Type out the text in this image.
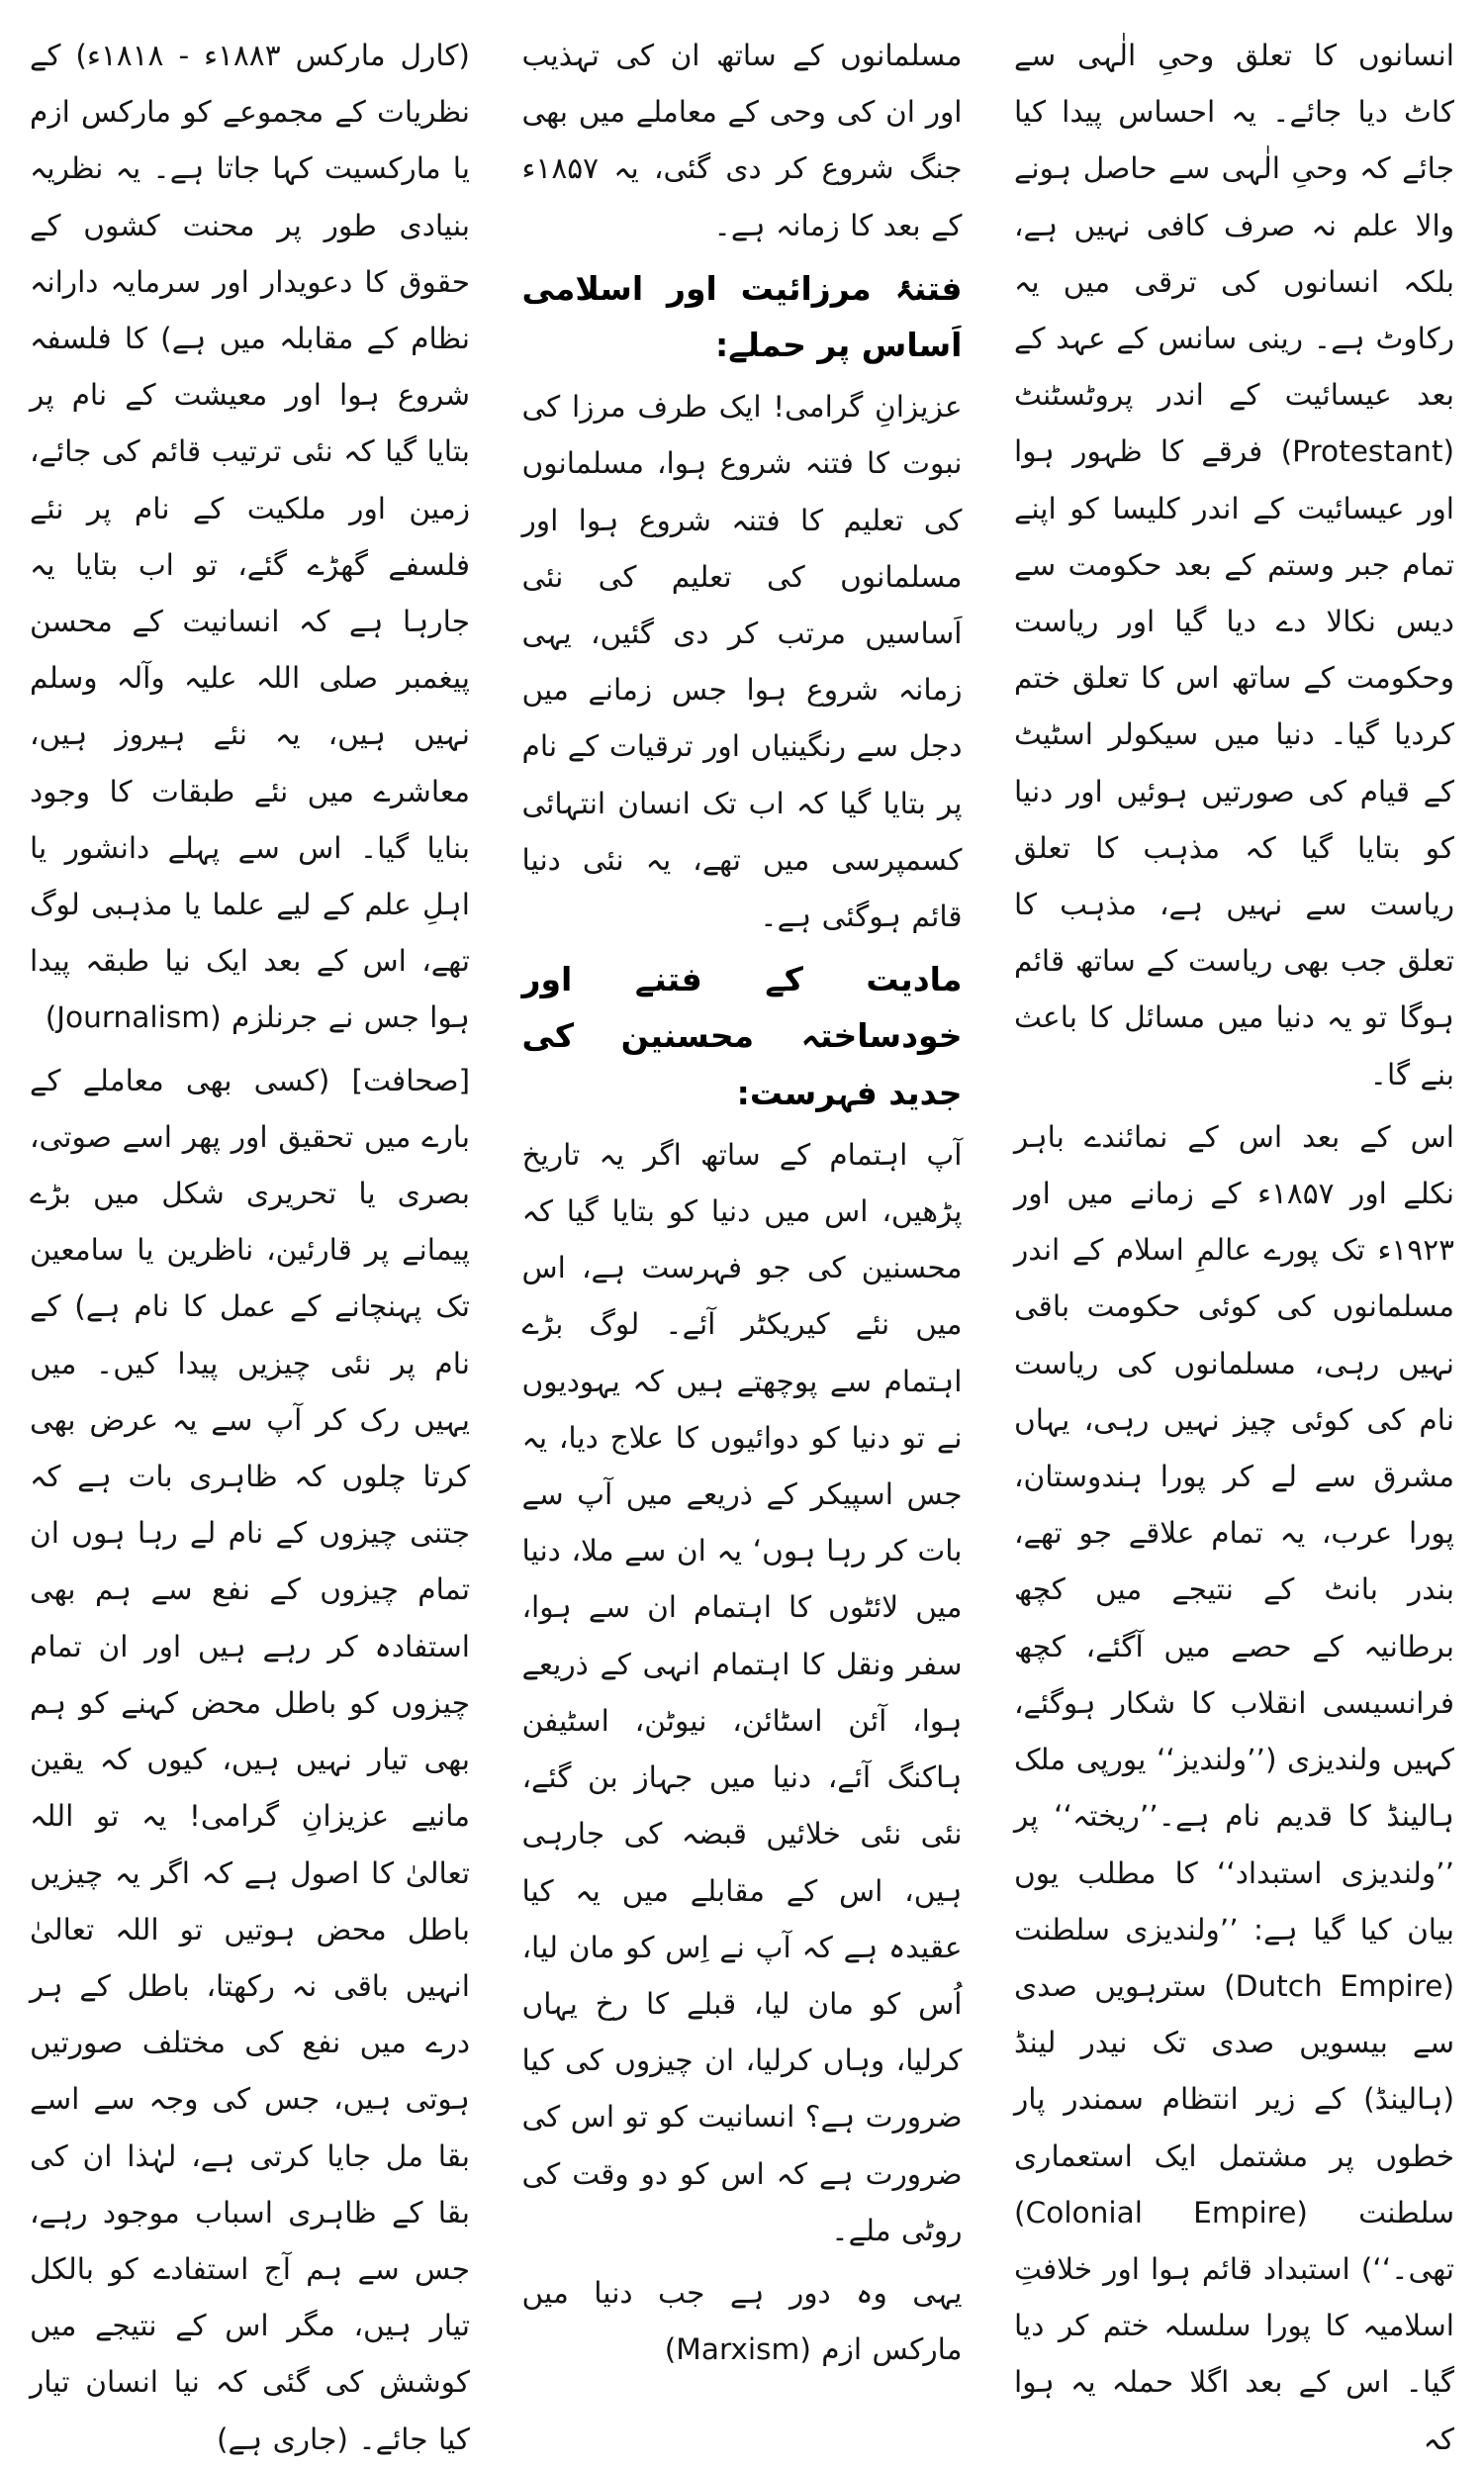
انسانوں کا تعلق وحیِ الٰہی سے کاٹ دیا جائے۔ یہ احساس پیدا کیا جائے کہ وحیِ الٰہی سے حاصل ہونے والا علم نہ صرف کافی نہیں ہے، بلکہ انسانوں کی ترقی میں یہ رکاوٹ ہے۔ رینی سانس کے عہد کے بعد عیسائیت کے اندر پروٹسٹنٹ (Protestant) فرقے کا ظہور ہوا اور عیسائیت کے اندر کلیسا کو اپنے تمام جبر وستم کے بعد حکومت سے دیس نکالا دے دیا گیا اور ریاست وحکومت کے ساتھ اس کا تعلق ختم کردیا گیا۔ دنیا میں سیکولر اسٹیٹ کے قیام کی صورتیں ہوئیں اور دنیا کو بتایا گیا کہ مذہب کا تعلق ریاست سے نہیں ہے، مذہب کا تعلق جب بھی ریاست کے ساتھ قائم ہوگا تو یہ دنیا میں مسائل کا باعث بنے گا۔

اس کے بعد اس کے نمائندے باہر نکلے اور ۱۸۵۷ء کے زمانے میں اور ۱۹۲۳ء تک پورے عالمِ اسلام کے اندر مسلمانوں کی کوئی حکومت باقی نہیں رہی، مسلمانوں کی ریاست نام کی کوئی چیز نہیں رہی، یہاں مشرق سے لے کر پورا ہندوستان، پورا عرب، یہ تمام علاقے جو تھے، بندر بانٹ کے نتیجے میں کچھ برطانیہ کے حصے میں آگئے، کچھ فرانسیسی انقلاب کا شکار ہوگئے، کہیں ولندیزی (’’ولندیز‘‘ یورپی ملک ہالینڈ کا قدیم نام ہے۔’’ریختہ‘‘ پر ’’ولندیزی استبداد‘‘ کا مطلب یوں بیان کیا گیا ہے: ’’ولندیزی سلطنت (Dutch Empire) سترہویں صدی سے بیسویں صدی تک نیدر لینڈ (ہالینڈ) کے زیر انتظام سمندر پار خطوں پر مشتمل ایک استعماری سلطنت (Colonial Empire) تھی۔‘‘) استبداد قائم ہوا اور خلافتِ اسلامیہ کا پورا سلسلہ ختم کر دیا گیا۔ اس کے بعد اگلا حملہ یہ ہوا کہ

مسلمانوں کے ساتھ ان کی تہذیب اور ان کی وحی کے معاملے میں بھی جنگ شروع کر دی گئی، یہ ۱۸۵۷ء کے بعد کا زمانہ ہے۔

فتنۂ مرزائیت اور اسلامی اَساس پر حملے:

عزیزانِ گرامی! ایک طرف مرزا کی نبوت کا فتنہ شروع ہوا، مسلمانوں کی تعلیم کا فتنہ شروع ہوا اور مسلمانوں کی تعلیم کی نئی اَساسیں مرتب کر دی گئیں، یہی زمانہ شروع ہوا جس زمانے میں دجل سے رنگینیاں اور ترقیات کے نام پر بتایا گیا کہ اب تک انسان انتہائی کسمپرسی میں تھے، یہ نئی دنیا قائم ہوگئی ہے۔

مادیت کے فتنے اور خودساختہ محسنین کی جدید فہرست:

آپ اہتمام کے ساتھ اگر یہ تاریخ پڑھیں، اس میں دنیا کو بتایا گیا کہ محسنین کی جو فہرست ہے، اس میں نئے کیریکٹر آئے۔ لوگ بڑے اہتمام سے پوچھتے ہیں کہ یہودیوں نے تو دنیا کو دوائیوں کا علاج دیا، یہ جس اسپیکر کے ذریعے میں آپ سے بات کر رہا ہوں‘ یہ ان سے ملا، دنیا میں لائٹوں کا اہتمام ان سے ہوا، سفر ونقل کا اہتمام انہی کے ذریعے ہوا، آئن اسٹائن، نیوٹن، اسٹیفن ہاکنگ آئے، دنیا میں جہاز بن گئے، نئی نئی خلائیں قبضہ کی جارہی ہیں، اس کے مقابلے میں یہ کیا عقیدہ ہے کہ آپ نے اِس کو مان لیا، اُس کو مان لیا، قبلے کا رخ یہاں کرلیا، وہاں کرلیا، ان چیزوں کی کیا ضرورت ہے؟ انسانیت کو تو اس کی ضرورت ہے کہ اس کو دو وقت کی روٹی ملے۔

یہی وہ دور ہے جب دنیا میں مارکس ازم (Marxism)

(کارل مارکس ۱۸۸۳ء - ۱۸۱۸ء) کے نظریات کے مجموعے کو مارکس ازم یا مارکسیت کہا جاتا ہے۔ یہ نظریہ بنیادی طور پر محنت کشوں کے حقوق کا دعویدار اور سرمایہ دارانہ نظام کے مقابلہ میں ہے) کا فلسفہ شروع ہوا اور معیشت کے نام پر بتایا گیا کہ نئی ترتیب قائم کی جائے، زمین اور ملکیت کے نام پر نئے فلسفے گھڑے گئے، تو اب بتایا یہ جارہا ہے کہ انسانیت کے محسن پیغمبر صلی اللہ علیہ وآلہ وسلم نہیں ہیں، یہ نئے ہیروز ہیں، معاشرے میں نئے طبقات کا وجود بنایا گیا۔ اس سے پہلے دانشور یا اہلِ علم کے لیے علما یا مذہبی لوگ تھے، اس کے بعد ایک نیا طبقہ پیدا ہوا جس نے جرنلزم (Journalism)

[صحافت] (کسی بھی معاملے کے بارے میں تحقیق اور پھر اسے صوتی، بصری یا تحریری شکل میں بڑے پیمانے پر قارئین، ناظرین یا سامعین تک پہنچانے کے عمل کا نام ہے) کے نام پر نئی چیزیں پیدا کیں۔ میں یہیں رک کر آپ سے یہ عرض بھی کرتا چلوں کہ ظاہری بات ہے کہ جتنی چیزوں کے نام لے رہا ہوں ان تمام چیزوں کے نفع سے ہم بھی استفادہ کر رہے ہیں اور ان تمام چیزوں کو باطل محض کہنے کو ہم بھی تیار نہیں ہیں، کیوں کہ یقین مانیے عزیزانِ گرامی! یہ تو اللہ تعالیٰ کا اصول ہے کہ اگر یہ چیزیں باطل محض ہوتیں تو اللہ تعالیٰ انہیں باقی نہ رکھتا، باطل کے ہر درے میں نفع کی مختلف صورتیں ہوتی ہیں، جس کی وجہ سے اسے بقا مل جایا کرتی ہے، لہٰذا ان کی بقا کے ظاہری اسباب موجود رہے، جس سے ہم آج استفادے کو بالکل تیار ہیں، مگر اس کے نتیجے میں کوشش کی گئی کہ نیا انسان تیار کیا جائے۔ (جاری ہے)
